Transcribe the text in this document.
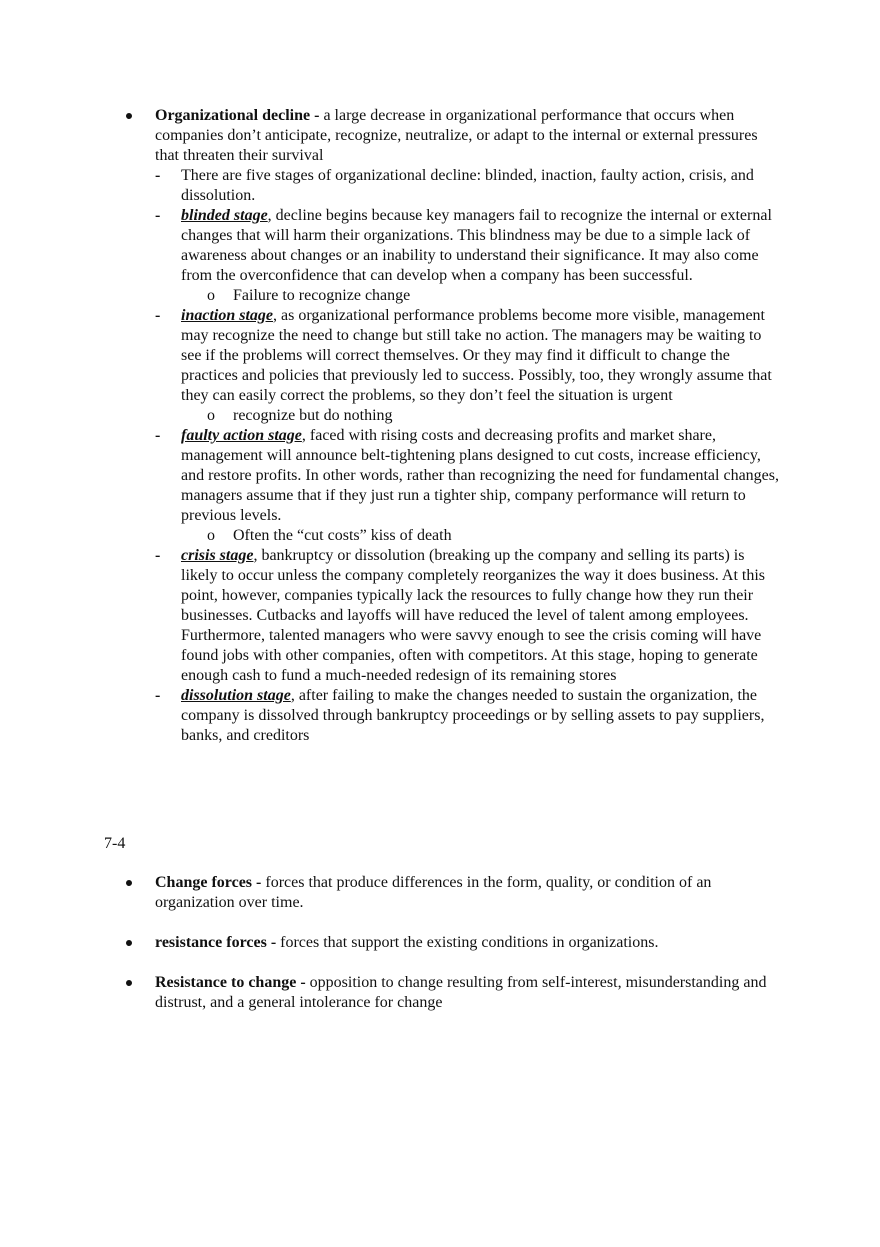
Organizational decline - a large decrease in organizational performance that occurs when companies don’t anticipate, recognize, neutralize, or adapt to the internal or external pressures that threaten their survival
- There are five stages of organizational decline: blinded, inaction, faulty action, crisis, and dissolution.
- blinded stage, decline begins because key managers fail to recognize the internal or external changes that will harm their organizations. This blindness may be due to a simple lack of awareness about changes or an inability to understand their significance. It may also come from the overconfidence that can develop when a company has been successful.
o Failure to recognize change
- inaction stage, as organizational performance problems become more visible, management may recognize the need to change but still take no action. The managers may be waiting to see if the problems will correct themselves. Or they may find it difficult to change the practices and policies that previously led to success. Possibly, too, they wrongly assume that they can easily correct the problems, so they don’t feel the situation is urgent
o recognize but do nothing
- faulty action stage, faced with rising costs and decreasing profits and market share, management will announce belt-tightening plans designed to cut costs, increase efficiency, and restore profits. In other words, rather than recognizing the need for fundamental changes, managers assume that if they just run a tighter ship, company performance will return to previous levels.
o Often the “cut costs” kiss of death
- crisis stage, bankruptcy or dissolution (breaking up the company and selling its parts) is likely to occur unless the company completely reorganizes the way it does business. At this point, however, companies typically lack the resources to fully change how they run their businesses. Cutbacks and layoffs will have reduced the level of talent among employees. Furthermore, talented managers who were savvy enough to see the crisis coming will have found jobs with other companies, often with competitors. At this stage, hoping to generate enough cash to fund a much-needed redesign of its remaining stores
- dissolution stage, after failing to make the changes needed to sustain the organization, the company is dissolved through bankruptcy proceedings or by selling assets to pay suppliers, banks, and creditors
7-4
Change forces - forces that produce differences in the form, quality, or condition of an organization over time.
resistance forces - forces that support the existing conditions in organizations.
Resistance to change - opposition to change resulting from self-interest, misunderstanding and distrust, and a general intolerance for change
